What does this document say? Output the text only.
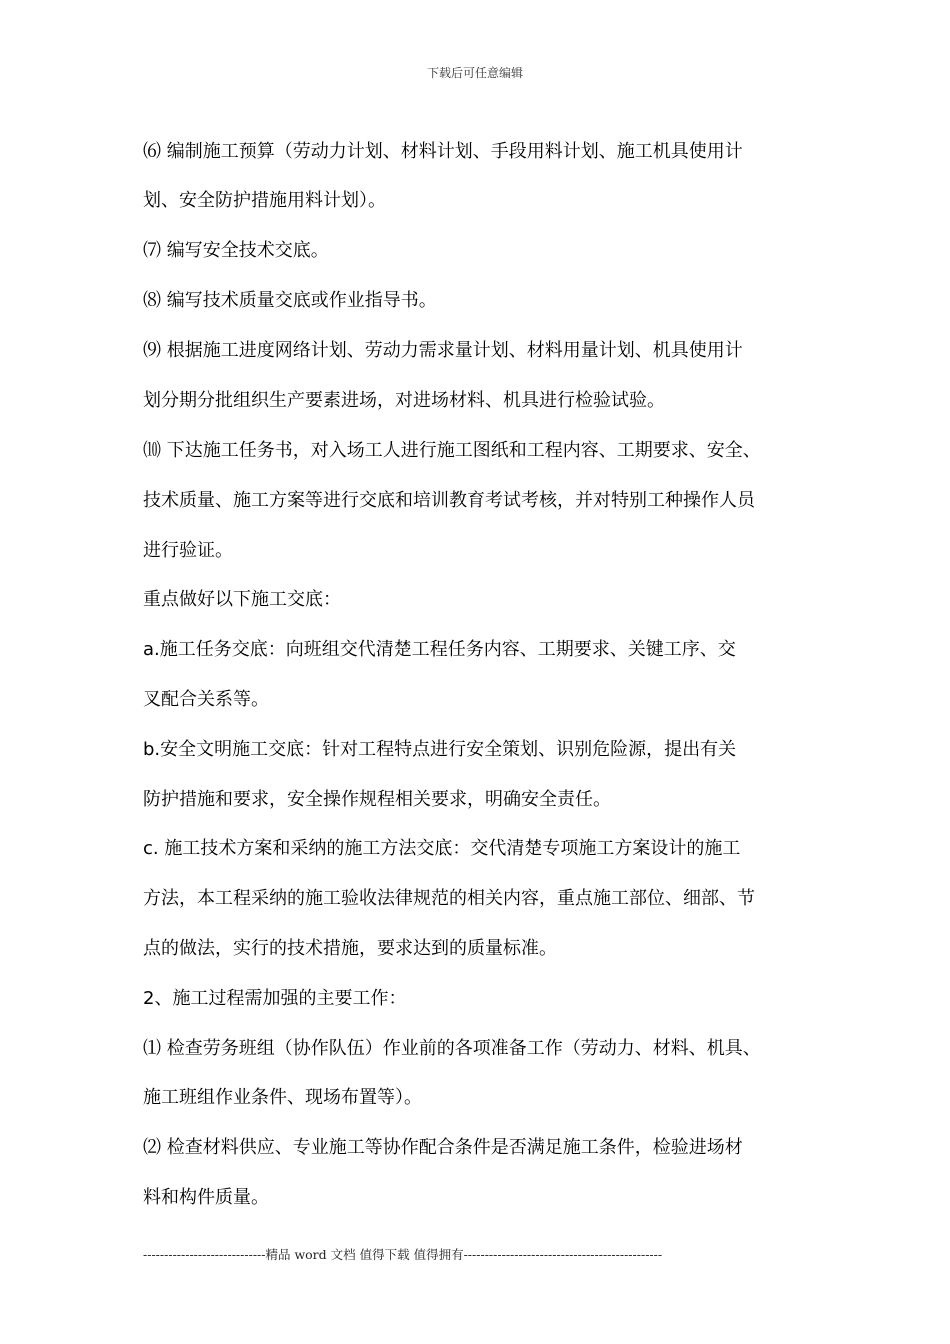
下载后可任意编辑
⑹ 编制施工预算（劳动力计划、材料计划、手段用料计划、施工机具使用计
划、安全防护措施用料计划）。
⑺ 编写安全技术交底。
⑻ 编写技术质量交底或作业指导书。
⑼ 根据施工进度网络计划、劳动力需求量计划、材料用量计划、机具使用计
划分期分批组织生产要素进场，对进场材料、机具进行检验试验。
⑽ 下达施工任务书，对入场工人进行施工图纸和工程内容、工期要求、安全、
技术质量、施工方案等进行交底和培训教育考试考核，并对特别工种操作人员
进行验证。
重点做好以下施工交底：
a.施工任务交底：向班组交代清楚工程任务内容、工期要求、关键工序、交
叉配合关系等。
b.安全文明施工交底：针对工程特点进行安全策划、识别危险源，提出有关
防护措施和要求，安全操作规程相关要求，明确安全责任。
c. 施工技术方案和采纳的施工方法交底：交代清楚专项施工方案设计的施工
方法，本工程采纳的施工验收法律规范的相关内容，重点施工部位、细部、节
点的做法，实行的技术措施，要求达到的质量标准。
2、施工过程需加强的主要工作：
⑴ 检查劳务班组（协作队伍）作业前的各项准备工作（劳动力、材料、机具、
施工班组作业条件、现场布置等）。
⑵ 检查材料供应、专业施工等协作配合条件是否满足施工条件，检验进场材
料和构件质量。
-----------------------------精品 word 文档 值得下载 值得拥有-----------------------------------------------
